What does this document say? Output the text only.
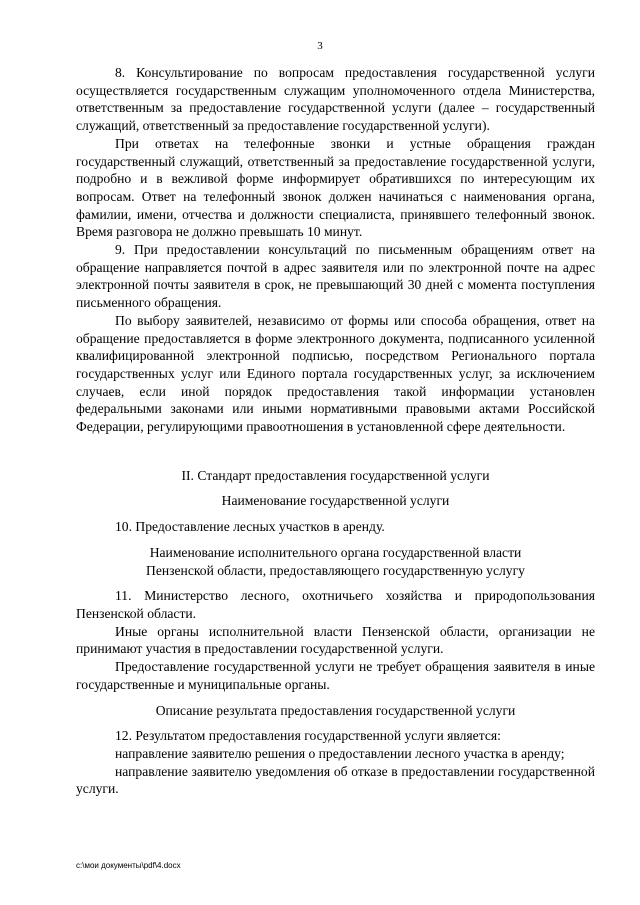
3

8. Консультирование по вопросам предоставления государственной услуги осуществляется государственным служащим уполномоченного отдела Министерства, ответственным за предоставление государственной услуги (далее – государственный служащий, ответственный за предоставление государственной услуги).

При ответах на телефонные звонки и устные обращения граждан государственный служащий, ответственный за предоставление государственной услуги, подробно и в вежливой форме информирует обратившихся по интересующим их вопросам. Ответ на телефонный звонок должен начинаться с наименования органа, фамилии, имени, отчества и должности специалиста, принявшего телефонный звонок. Время разговора не должно превышать 10 минут.

9. При предоставлении консультаций по письменным обращениям ответ на обращение направляется почтой в адрес заявителя или по электронной почте на адрес электронной почты заявителя в срок, не превышающий 30 дней с момента поступления письменного обращения.

По выбору заявителей, независимо от формы или способа обращения, ответ на обращение предоставляется в форме электронного документа, подписанного усиленной квалифицированной электронной подписью, посредством Регионального портала государственных услуг или Единого портала государственных услуг, за исключением случаев, если иной порядок предоставления такой информации установлен федеральными законами или иными нормативными правовыми актами Российской Федерации, регулирующими правоотношения в установленной сфере деятельности.

II. Стандарт предоставления государственной услуги
Наименование государственной услуги

10. Предоставление лесных участков в аренду.

Наименование исполнительного органа государственной власти
Пензенской области, предоставляющего государственную услугу

11. Министерство лесного, охотничьего хозяйства и природопользования Пензенской области.

Иные органы исполнительной власти Пензенской области, организации не принимают участия в предоставлении государственной услуги.

Предоставление государственной услуги не требует обращения заявителя в иные государственные и муниципальные органы.

Описание результата предоставления государственной услуги

12. Результатом предоставления государственной услуги является:

направление заявителю решения о предоставлении лесного участка в аренду;

направление заявителю уведомления об отказе в предоставлении государственной услуги.

c:\мои документы\pdf\4.docx
